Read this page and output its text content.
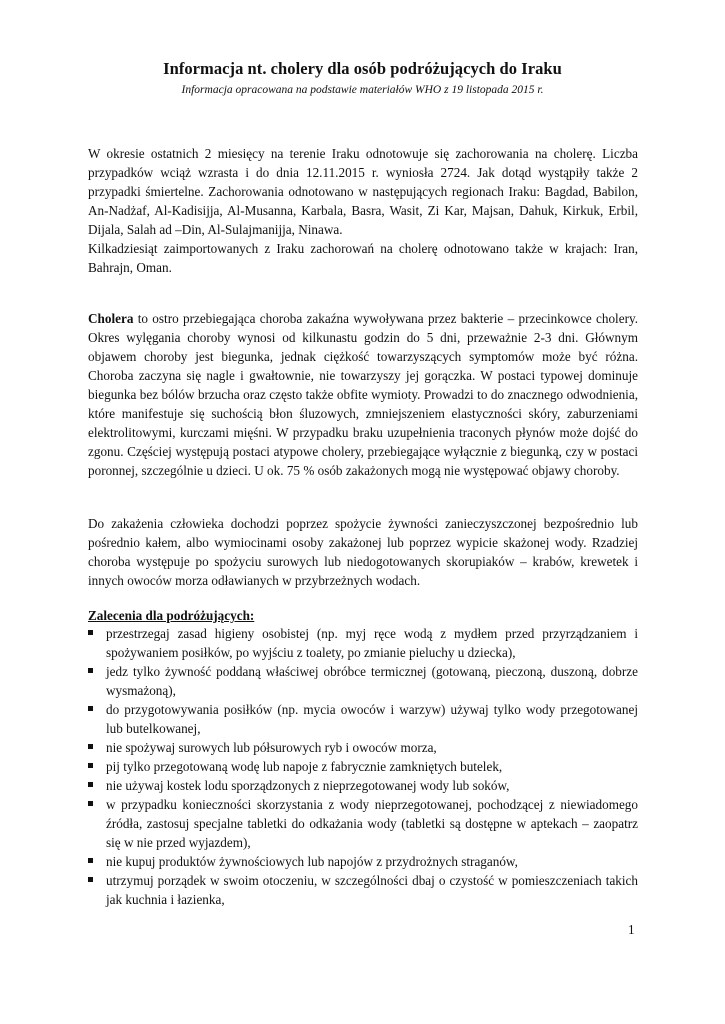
Informacja nt. cholery dla osób podróżujących do Iraku
Informacja opracowana na podstawie materiałów WHO z 19 listopada 2015 r.
W okresie ostatnich 2 miesięcy na terenie Iraku odnotowuje się zachorowania na cholerę. Liczba przypadków wciąż wzrasta i do dnia 12.11.2015 r. wyniosła 2724. Jak dotąd wystąpiły także 2 przypadki śmiertelne. Zachorowania odnotowano w następujących regionach Iraku: Bagdad, Babilon, An-Nadżaf, Al-Kadisijja, Al-Musanna, Karbala, Basra, Wasit, Zi Kar, Majsan, Dahuk, Kirkuk, Erbil, Dijala, Salah ad –Din, Al-Sulajmanijja, Ninawa.
Kilkadziesiąt zaimportowanych z Iraku zachorowań na cholerę odnotowano także w krajach: Iran, Bahrajn, Oman.
Cholera to ostro przebiegająca choroba zakaźna wywoływana przez bakterie – przecinkowce cholery. Okres wylęgania choroby wynosi od kilkunastu godzin do 5 dni, przeważnie 2-3 dni. Głównym objawem choroby jest biegunka, jednak ciężkość towarzyszących symptomów może być różna. Choroba zaczyna się nagle i gwałtownie, nie towarzyszy jej gorączka. W postaci typowej dominuje biegunka bez bólów brzucha oraz często także obfite wymioty. Prowadzi to do znacznego odwodnienia, które manifestuje się suchością błon śluzowych, zmniejszeniem elastyczności skóry, zaburzeniami elektrolitowymi, kurczami mięśni. W przypadku braku uzupełnienia traconych płynów może dojść do zgonu. Częściej występują postaci atypowe cholery, przebiegające wyłącznie z biegunką, czy w postaci poronnej, szczególnie u dzieci. U ok. 75 % osób zakażonych mogą nie występować objawy choroby.
Do zakażenia człowieka dochodzi poprzez spożycie żywności zanieczyszczonej bezpośrednio lub pośrednio kałem, albo wymiocinami osoby zakażonej lub poprzez wypicie skażonej wody. Rzadziej choroba występuje po spożyciu surowych lub niedogotowanych skorupiaków – krabów, krewetek i innych owoców morza odławianych w przybrzeżnych wodach.
Zalecenia dla podróżujących:
przestrzegaj zasad higieny osobistej (np. myj ręce wodą z mydłem przed przyrządzaniem i spożywaniem posiłków, po wyjściu z toalety, po zmianie pieluchy u dziecka),
jedz tylko żywność poddaną właściwej obróbce termicznej (gotowaną, pieczoną, duszoną, dobrze wysmażoną),
do przygotowywania posiłków (np. mycia owoców i warzyw) używaj tylko wody przegotowanej lub butelkowanej,
nie spożywaj surowych lub półsurowych ryb i owoców morza,
pij tylko przegotowaną wodę lub napoje z fabrycznie zamkniętych butelek,
nie używaj kostek lodu sporządzonych z nieprzegotowanej wody lub soków,
w przypadku konieczności skorzystania z wody nieprzegotowanej, pochodzącej z niewiadomego źródła, zastosuj specjalne tabletki do odkażania wody (tabletki są dostępne w aptekach – zaopatrz się w nie przed wyjazdem),
nie kupuj produktów żywnościowych lub napojów z przydrożnych straganów,
utrzymuj porządek w swoim otoczeniu, w szczególności dbaj o czystość w pomieszczeniach takich jak kuchnia i łazienka,
1
